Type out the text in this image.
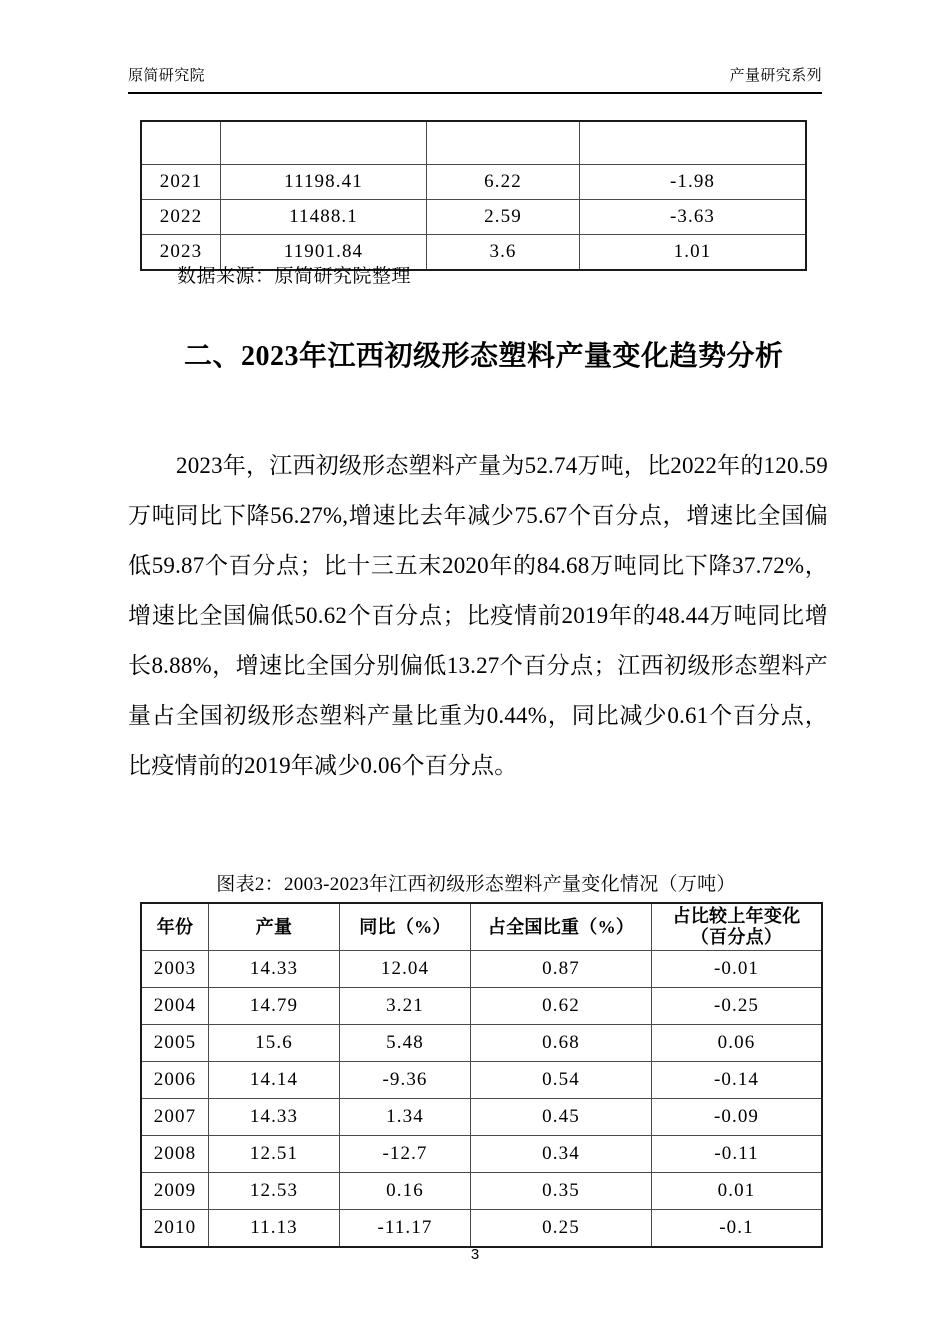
原简研究院	产量研究系列

2021	11198.41	6.22	-1.98
2022	11488.1	2.59	-3.63
2023	11901.84	3.6	1.01
数据来源：原简研究院整理
二、2023年江西初级形态塑料产量变化趋势分析

2023年，江西初级形态塑料产量为52.74万吨，比2022年的120.59万吨同比下降56.27%,增速比去年减少75.67个百分点，增速比全国偏低59.87个百分点；比十三五末2020年的84.68万吨同比下降37.72%，增速比全国偏低50.62个百分点；比疫情前2019年的48.44万吨同比增长8.88%，增速比全国分别偏低13.27个百分点；江西初级形态塑料产量占全国初级形态塑料产量比重为0.44%，同比减少0.61个百分点，比疫情前的2019年减少0.06个百分点。

图表2：2003-2023年江西初级形态塑料产量变化情况（万吨）
年份	产量	同比（%）	占全国比重（%）	占比较上年变化
（百分点）
2003	14.33	12.04	0.87	-0.01
2004	14.79	3.21	0.62	-0.25
2005	15.6	5.48	0.68	0.06
2006	14.14	-9.36	0.54	-0.14
2007	14.33	1.34	0.45	-0.09
2008	12.51	-12.7	0.34	-0.11
2009	12.53	0.16	0.35	0.01
2010	11.13	-11.17	0.25	-0.1
3
